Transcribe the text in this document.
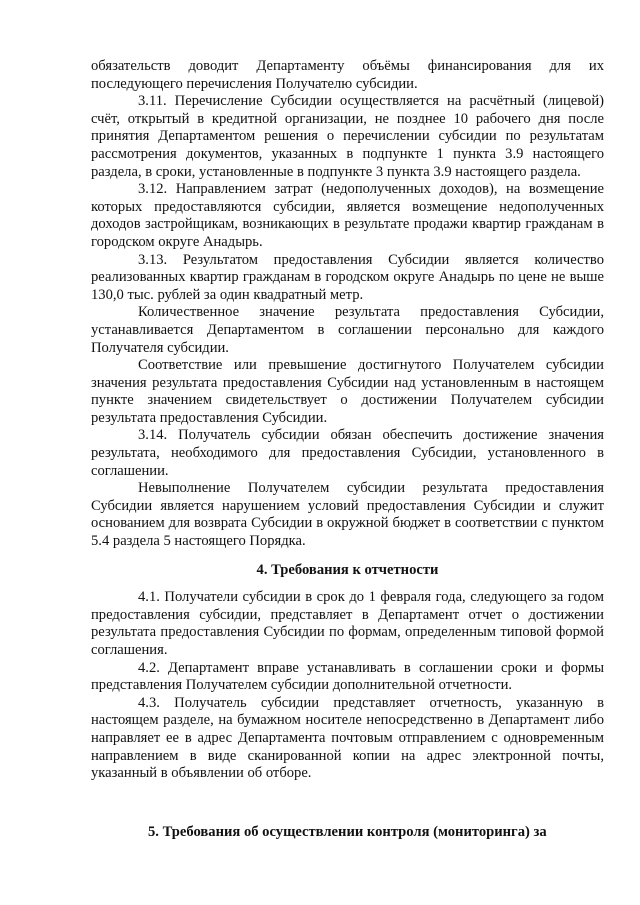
обязательств доводит Департаменту объёмы финансирования для их последующего перечисления Получателю субсидии.

3.11. Перечисление Субсидии осуществляется на расчётный (лицевой) счёт, открытый в кредитной организации, не позднее 10 рабочего дня после принятия Департаментом решения о перечислении субсидии по результатам рассмотрения документов, указанных в подпункте 1 пункта 3.9 настоящего раздела, в сроки, установленные в подпункте 3 пункта 3.9 настоящего раздела.

3.12. Направлением затрат (недополученных доходов), на возмещение которых предоставляются субсидии, является возмещение недополученных доходов застройщикам, возникающих в результате продажи квартир гражданам в городском округе Анадырь.

3.13. Результатом предоставления Субсидии является количество реализованных квартир гражданам в городском округе Анадырь по цене не выше 130,0 тыс. рублей за один квадратный метр.

Количественное значение результата предоставления Субсидии, устанавливается Департаментом в соглашении персонально для каждого Получателя субсидии.

Соответствие или превышение достигнутого Получателем субсидии значения результата предоставления Субсидии над установленным в настоящем пункте значением свидетельствует о достижении Получателем субсидии результата предоставления Субсидии.

3.14. Получатель субсидии обязан обеспечить достижение значения результата, необходимого для предоставления Субсидии, установленного в соглашении.

Невыполнение Получателем субсидии результата предоставления Субсидии является нарушением условий предоставления Субсидии и служит основанием для возврата Субсидии в окружной бюджет в соответствии с пунктом 5.4 раздела 5 настоящего Порядка.

4. Требования к отчетности

4.1. Получатели субсидии в срок до 1 февраля года, следующего за годом предоставления субсидии, представляет в Департамент отчет о достижении результата предоставления Субсидии по формам, определенным типовой формой соглашения.

4.2. Департамент вправе устанавливать в соглашении сроки и формы представления Получателем субсидии дополнительной отчетности.

4.3. Получатель субсидии представляет отчетность, указанную в настоящем разделе, на бумажном носителе непосредственно в Департамент либо направляет ее в адрес Департамента почтовым отправлением с одновременным направлением в виде сканированной копии на адрес электронной почты, указанный в объявлении об отборе.

5. Требования об осуществлении контроля (мониторинга) за
